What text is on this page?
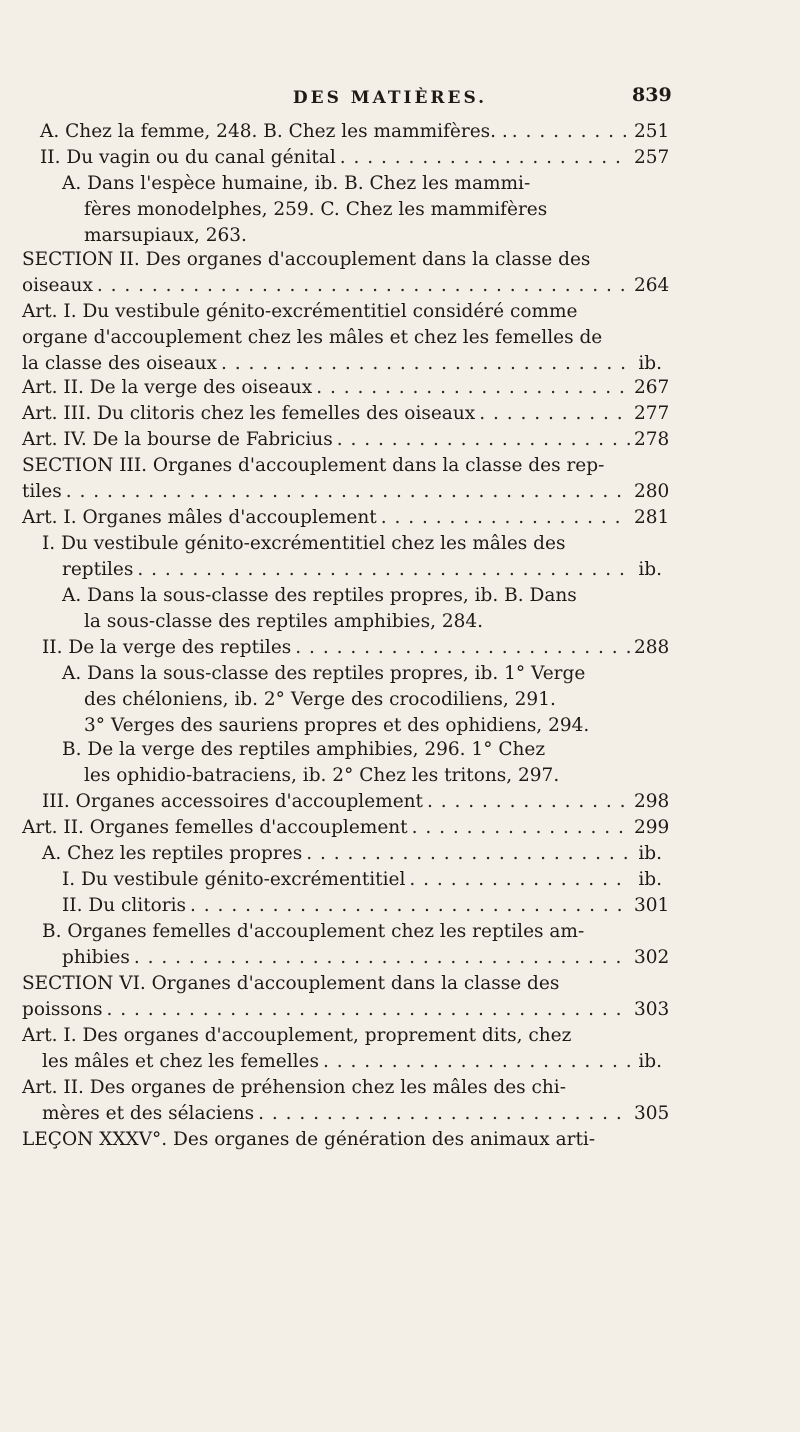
DES MATIÈRES.	839
A. Chez la femme, 248. B. Chez les mammifères. . . . .	251
II. Du vagin ou du canal génital . . .	257
A. Dans l'espèce humaine, ib. B. Chez les mammi-
fères monodelphes, 259. C. Chez les mammifères
marsupiaux, 263.
SECTION II. Des organes d'accouplement dans la classe des
oiseaux . . .	264
Art. I. Du vestibule génito-excrémentitiel considéré comme
organe d'accouplement chez les mâles et chez les femelles de
la classe des oiseaux . . .	ib.
Art. II. De la verge des oiseaux . . .	267
Art. III. Du clitoris chez les femelles des oiseaux . . .	277
Art. IV. De la bourse de Fabricius . . .	278
SECTION III. Organes d'accouplement dans la classe des rep-
tiles . . .	280
Art. I. Organes mâles d'accouplement . . .	281
I. Du vestibule génito-excrémentitiel chez les mâles des
reptiles . . .	ib.
A. Dans la sous-classe des reptiles propres, ib. B. Dans
la sous-classe des reptiles amphibies, 284.
II. De la verge des reptiles . . .	288
A. Dans la sous-classe des reptiles propres, ib. 1° Verge
des chéloniens, ib. 2° Verge des crocodiliens, 291.
3° Verges des sauriens propres et des ophidiens, 294.
B. De la verge des reptiles amphibies, 296. 1° Chez
les ophidio-batraciens, ib. 2° Chez les tritons, 297.
III. Organes accessoires d'accouplement . . .	298
Art. II. Organes femelles d'accouplement . . .	299
A. Chez les reptiles propres . . .	ib.
I. Du vestibule génito-excrémentitiel . . .	ib.
II. Du clitoris . . .	301
B. Organes femelles d'accouplement chez les reptiles am-
phibies . . .	302
SECTION VI. Organes d'accouplement dans la classe des
poissons . . .	303
Art. I. Des organes d'accouplement, proprement dits, chez
les mâles et chez les femelles . . .	ib.
Art. II. Des organes de préhension chez les mâles des chi-
mères et des sélaciens . . .	305
LEÇON XXXV°. Des organes de génération des animaux arti-
